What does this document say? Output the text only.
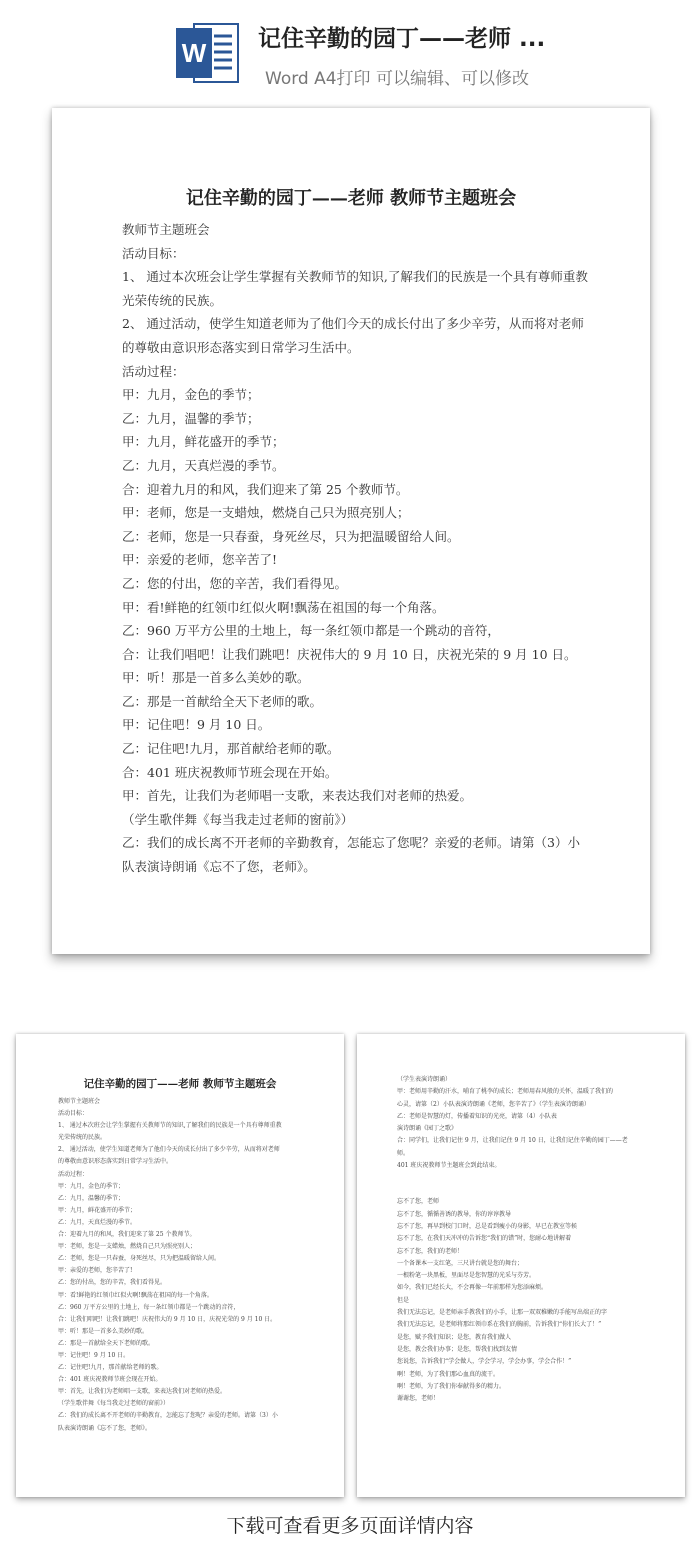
W 记住辛勤的园丁——老师 ...
Word A4打印 可以编辑、可以修改
记住辛勤的园丁——老师 教师节主题班会
教师节主题班会
活动目标：
1、 通过本次班会让学生掌握有关教师节的知识,了解我们的民族是一个具有尊师重教
光荣传统的民族。
2、 通过活动，使学生知道老师为了他们今天的成长付出了多少辛劳，从而将对老师
的尊敬由意识形态落实到日常学习生活中。
活动过程：
甲：九月，金色的季节；
乙：九月，温馨的季节；
甲：九月，鲜花盛开的季节；
乙：九月，天真烂漫的季节。
合：迎着九月的和风，我们迎来了第 25 个教师节。
甲：老师，您是一支蜡烛，燃烧自己只为照亮别人；
乙：老师，您是一只春蚕，身死丝尽，只为把温暖留给人间。
甲：亲爱的老师，您辛苦了!
乙：您的付出，您的辛苦，我们看得见。
甲：看!鲜艳的红领巾红似火啊!飘荡在祖国的每一个角落。
乙：960 万平方公里的土地上，每一条红领巾都是一个跳动的音符，
合：让我们唱吧！让我们跳吧！庆祝伟大的 9 月 10 日，庆祝光荣的 9 月 10 日。
甲：听！那是一首多么美妙的歌。
乙：那是一首献给全天下老师的歌。
甲：记住吧！9 月 10 日。
乙：记住吧!九月，那首献给老师的歌。
合：401 班庆祝教师节班会现在开始。
甲：首先，让我们为老师唱一支歌，来表达我们对老师的热爱。
（学生歌伴舞《每当我走过老师的窗前》）
乙：我们的成长离不开老师的辛勤教育，怎能忘了您呢？亲爱的老师。请第（3）小
队表演诗朗诵《忘不了您，老师》。
记住辛勤的园丁——老师 教师节主题班会
教师节主题班会
活动目标：
1、 通过本次班会让学生掌握有关教师节的知识,了解我们的民族是一个具有尊师重教
光荣传统的民族。
2、 通过活动，使学生知道老师为了他们今天的成长付出了多少辛劳，从而将对老师
的尊敬由意识形态落实到日常学习生活中。
活动过程：
甲：九月，金色的季节；
乙：九月，温馨的季节；
甲：九月，鲜花盛开的季节；
乙：九月，天真烂漫的季节。
合：迎着九月的和风，我们迎来了第 25 个教师节。
甲：老师，您是一支蜡烛，燃烧自己只为照亮别人；
乙：老师，您是一只春蚕，身死丝尽，只为把温暖留给人间。
甲：亲爱的老师，您辛苦了!
乙：您的付出，您的辛苦，我们看得见。
甲：看!鲜艳的红领巾红似火啊!飘荡在祖国的每一个角落。
乙：960 万平方公里的土地上，每一条红领巾都是一个跳动的音符，
合：让我们唱吧！让我们跳吧！庆祝伟大的 9 月 10 日，庆祝光荣的 9 月 10 日。
甲：听！那是一首多么美妙的歌。
乙：那是一首献给全天下老师的歌。
甲：记住吧！9 月 10 日。
乙：记住吧!九月，那首献给老师的歌。
合：401 班庆祝教师节班会现在开始。
甲：首先，让我们为老师唱一支歌，来表达我们对老师的热爱。
（学生歌伴舞《每当我走过老师的窗前》）
乙：我们的成长离不开老师的辛勤教育，怎能忘了您呢？亲爱的老师。请第（3）小
队表演诗朗诵《忘不了您，老师》。
（学生表演诗朗诵）
甲：老师用辛勤的汗水，哺育了桃李的成长；老师用春风般的关怀，温暖了我们的
心灵，请第（2）小队表演诗朗诵《老师，您辛苦了》（学生表演诗朗诵）
乙：老师是智慧的灯，传播着知识的光亮，请第（4）小队表
演诗朗诵《园丁之歌》
合：同学们，让我们记住 9 月，让我们记住 9 月 10 日，让我们记住辛勤的园丁——老
师。
401 班庆祝教师节主题班会到此结束。
忘不了您，老师
忘不了您，循循善诱的教导，你的谆谆教导
忘不了您，再早到校门口时，总是看到瘦小的身影，早已在教室等候
忘不了您，在我们天冲冲的告诉您“我们的错”时，您耐心地讲解着
忘不了您，我们的老师！
一个备课本一支红笔，三尺讲台就是您的舞台；
一根粉笔一块黑板，里面尽是您智慧的光采与芬芳。
如今，我们已经长大，不会再像一年前那样为您添麻烦。
但是
我们无法忘记，是老师亲手教我们的小手，让那一双双稚嫩的手能写出端正的字
我们无法忘记，是老师将那红领巾系在我们的胸前，告诉我们“你们长大了！”
是您，赋予我们知识；是您，教育我们做人
是您，教会我们办事；是您，帮我们找到友情
您说您，告诉我们“学会做人，学会学习，学会办事，学会合作！”
啊！老师，为了我们那心血真的流干。
啊！老师，为了我们你奉献得多的精力。
谢谢您，老师！
下载可查看更多页面详情内容
